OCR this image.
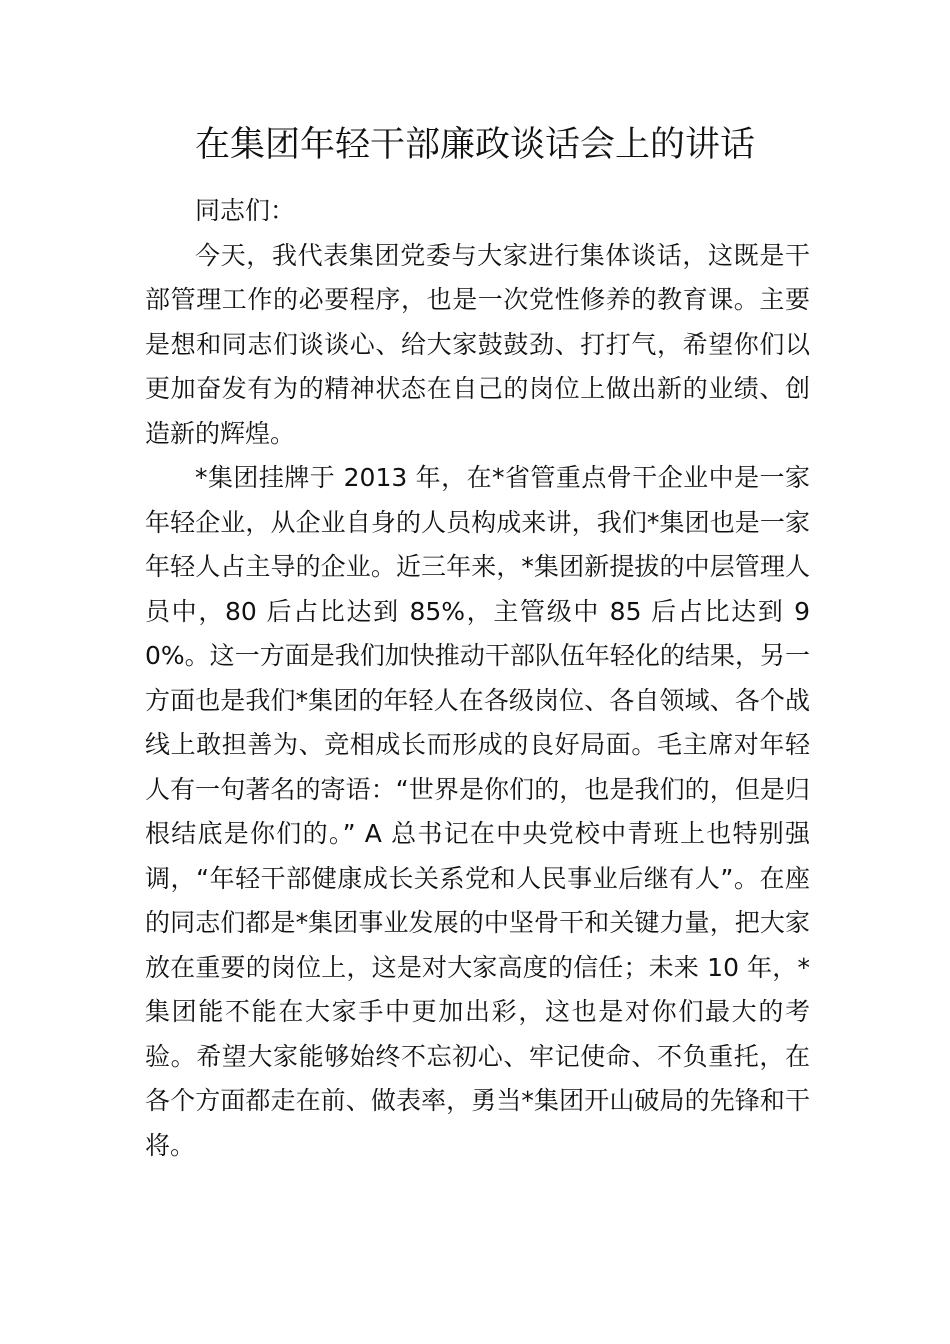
在集团年轻干部廉政谈话会上的讲话

同志们：

今天，我代表集团党委与大家进行集体谈话，这既是干部管理工作的必要程序，也是一次党性修养的教育课。主要是想和同志们谈谈心、给大家鼓鼓劲、打打气，希望你们以更加奋发有为的精神状态在自己的岗位上做出新的业绩、创造新的辉煌。

*集团挂牌于 2013 年，在*省管重点骨干企业中是一家年轻企业，从企业自身的人员构成来讲，我们*集团也是一家年轻人占主导的企业。近三年来，*集团新提拔的中层管理人员中，80 后占比达到 85%，主管级中 85 后占比达到 90%。这一方面是我们加快推动干部队伍年轻化的结果，另一方面也是我们*集团的年轻人在各级岗位、各自领域、各个战线上敢担善为、竞相成长而形成的良好局面。毛主席对年轻人有一句著名的寄语：“世界是你们的，也是我们的，但是归根结底是你们的。” A 总书记在中央党校中青班上也特别强调，“年轻干部健康成长关系党和人民事业后继有人”。在座的同志们都是*集团事业发展的中坚骨干和关键力量，把大家放在重要的岗位上，这是对大家高度的信任；未来 10 年，*集团能不能在大家手中更加出彩，这也是对你们最大的考验。希望大家能够始终不忘初心、牢记使命、不负重托，在各个方面都走在前、做表率，勇当*集团开山破局的先锋和干将。
